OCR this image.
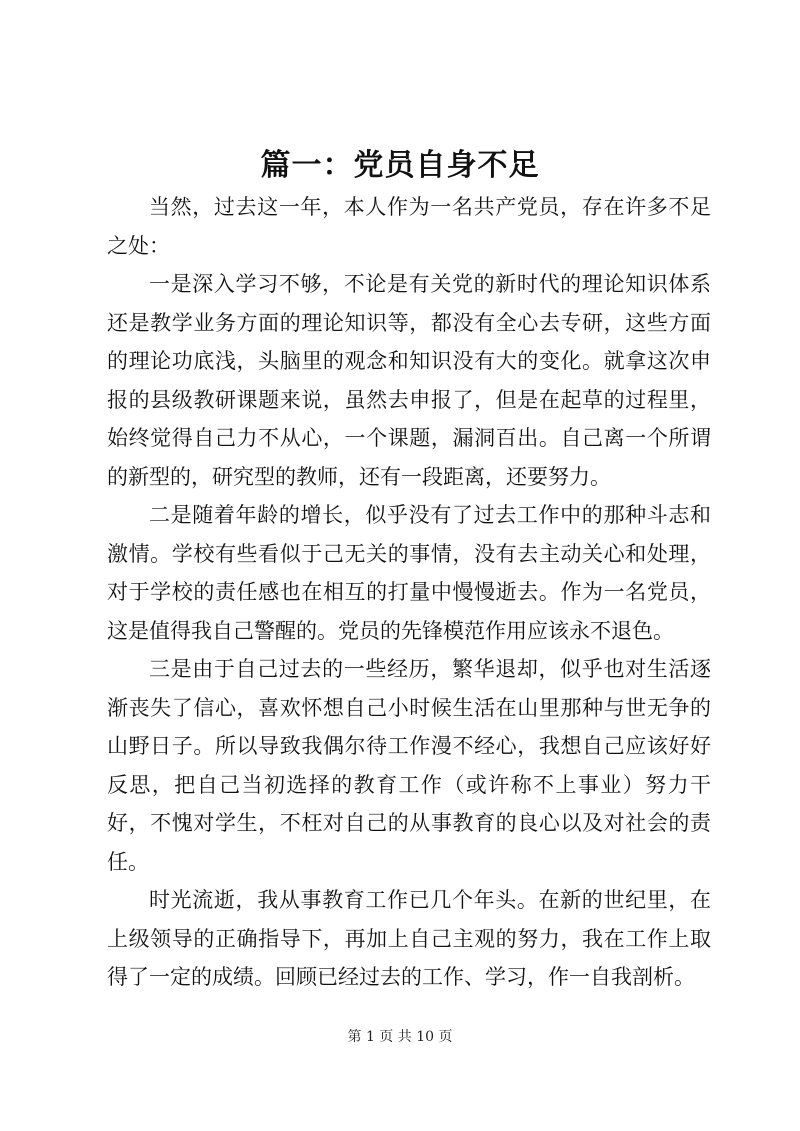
篇一：党员自身不足

当然，过去这一年，本人作为一名共产党员，存在许多不足之处：

一是深入学习不够，不论是有关党的新时代的理论知识体系还是教学业务方面的理论知识等，都没有全心去专研，这些方面的理论功底浅，头脑里的观念和知识没有大的变化。就拿这次申报的县级教研课题来说，虽然去申报了，但是在起草的过程里，始终觉得自己力不从心，一个课题，漏洞百出。自己离一个所谓的新型的，研究型的教师，还有一段距离，还要努力。

二是随着年龄的增长，似乎没有了过去工作中的那种斗志和激情。学校有些看似于己无关的事情，没有去主动关心和处理，对于学校的责任感也在相互的打量中慢慢逝去。作为一名党员，这是值得我自己警醒的。党员的先锋模范作用应该永不退色。

三是由于自己过去的一些经历，繁华退却，似乎也对生活逐渐丧失了信心，喜欢怀想自己小时候生活在山里那种与世无争的山野日子。所以导致我偶尔待工作漫不经心，我想自己应该好好反思，把自己当初选择的教育工作（或许称不上事业）努力干好，不愧对学生，不枉对自己的从事教育的良心以及对社会的责任。

时光流逝，我从事教育工作已几个年头。在新的世纪里，在上级领导的正确指导下，再加上自己主观的努力，我在工作上取得了一定的成绩。回顾已经过去的工作、学习，作一自我剖析。

第 1 页 共 10 页
